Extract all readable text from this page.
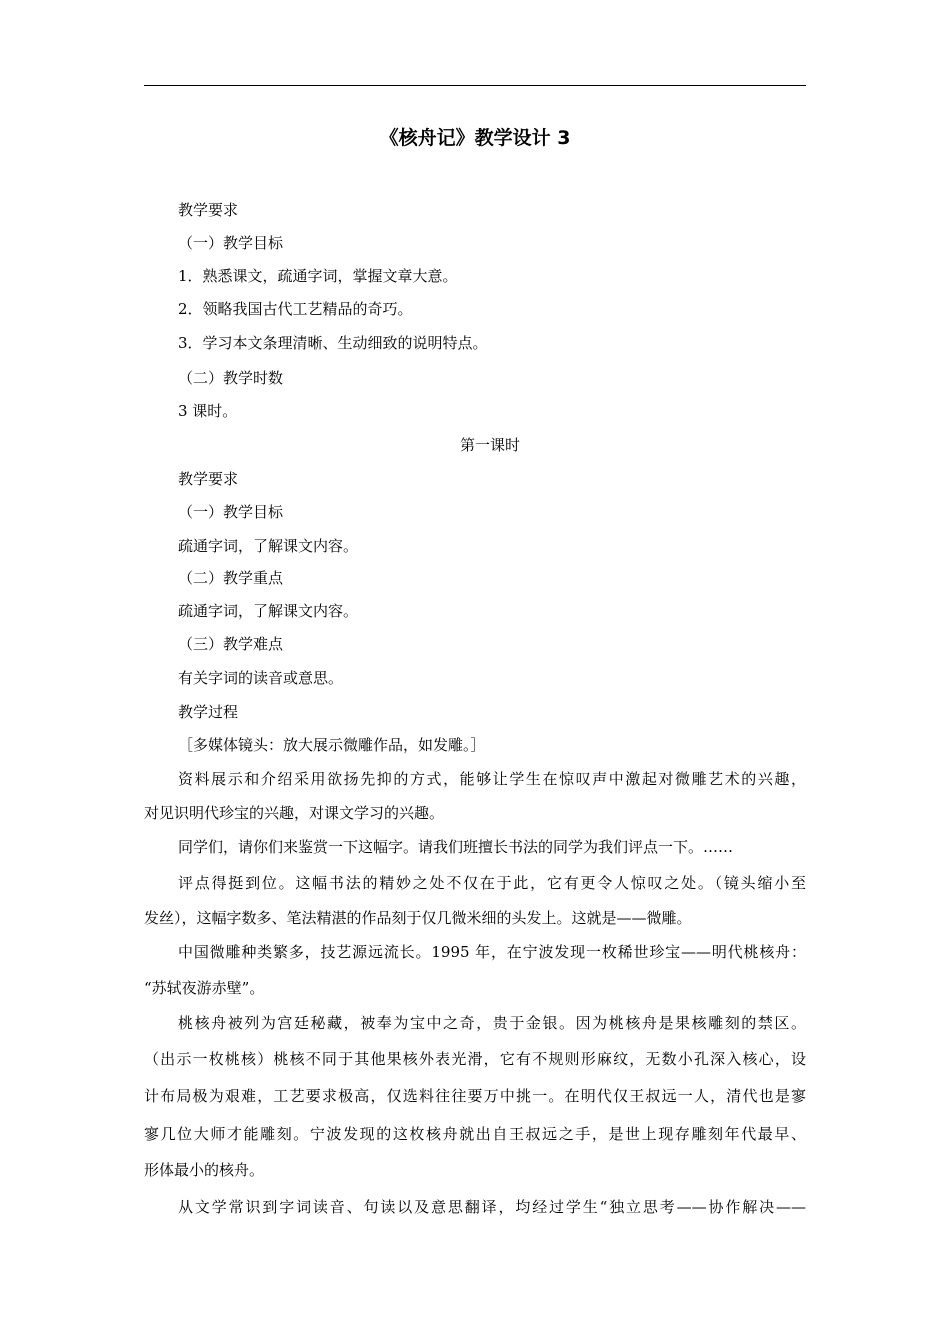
《核舟记》教学设计 3
教学要求
（一）教学目标
1．熟悉课文，疏通字词，掌握文章大意。
2．领略我国古代工艺精品的奇巧。
3．学习本文条理清晰、生动细致的说明特点。
（二）教学时数
3 课时。
第一课时
教学要求
（一）教学目标
疏通字词，了解课文内容。
（二）教学重点
疏通字词，了解课文内容。
（三）教学难点
有关字词的读音或意思。
教学过程
［多媒体镜头：放大展示微雕作品，如发雕。］
资料展示和介绍采用欲扬先抑的方式，能够让学生在惊叹声中激起对微雕艺术的兴趣，
对见识明代珍宝的兴趣，对课文学习的兴趣。
同学们，请你们来鉴赏一下这幅字。请我们班擅长书法的同学为我们评点一下。……
评点得挺到位。这幅书法的精妙之处不仅在于此，它有更令人惊叹之处。（镜头缩小至
发丝），这幅字数多、笔法精湛的作品刻于仅几微米细的头发上。这就是——微雕。
中国微雕种类繁多，技艺源远流长。1995 年，在宁波发现一枚稀世珍宝——明代桃核舟：
“苏轼夜游赤壁”。
桃核舟被列为宫廷秘藏，被奉为宝中之奇，贵于金银。因为桃核舟是果核雕刻的禁区。
（出示一枚桃核）桃核不同于其他果核外表光滑，它有不规则形麻纹，无数小孔深入核心，设
计布局极为艰难，工艺要求极高，仅选料往往要万中挑一。在明代仅王叔远一人，清代也是寥
寥几位大师才能雕刻。宁波发现的这枚核舟就出自王叔远之手，是世上现存雕刻年代最早、
形体最小的核舟。
从文学常识到字词读音、句读以及意思翻译，均经过学生“独立思考——协作解决——
